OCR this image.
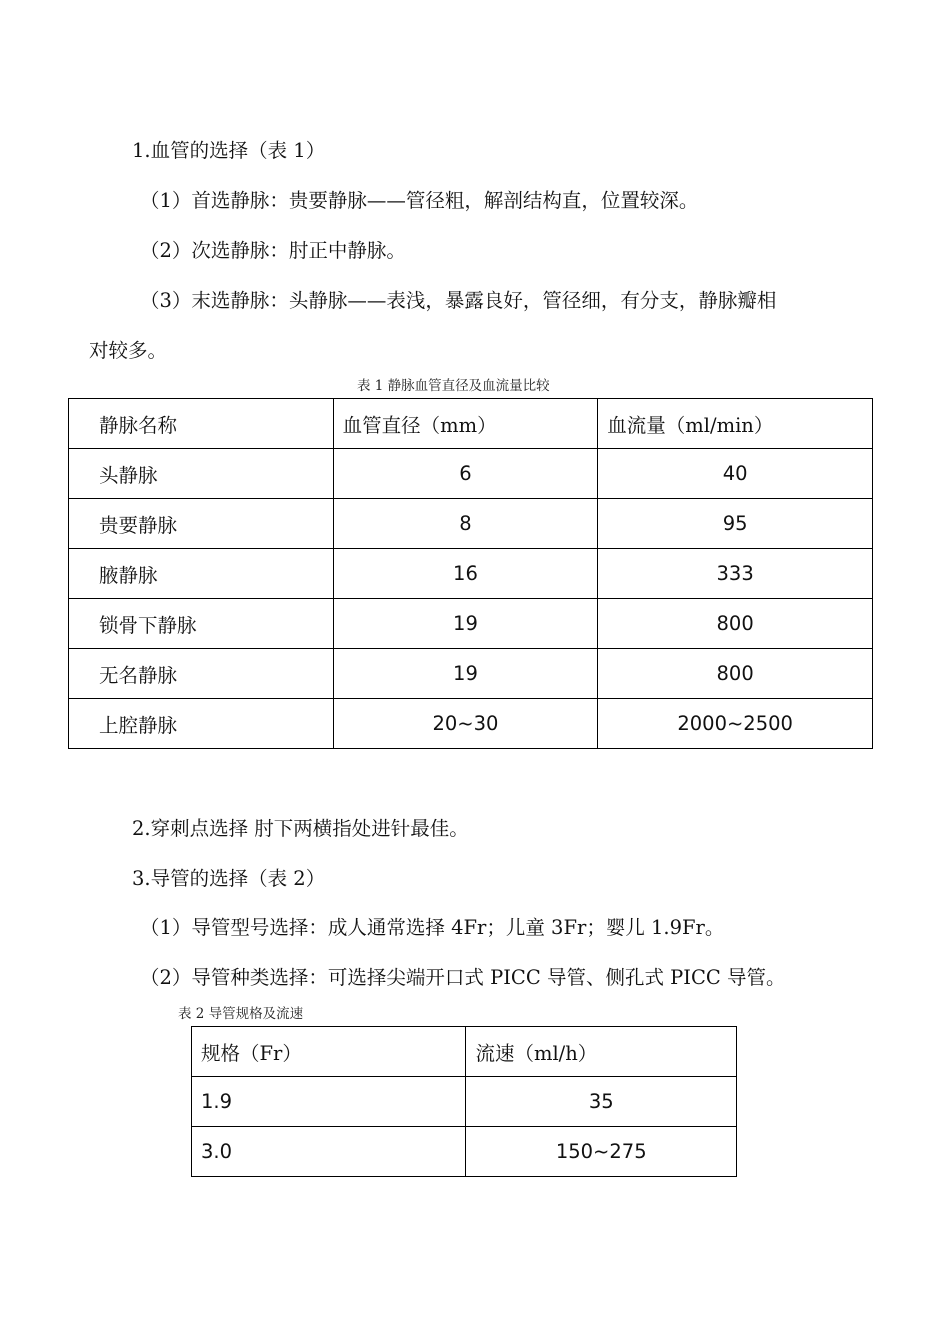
1.血管的选择（表 1）
（1）首选静脉：贵要静脉——管径粗，解剖结构直，位置较深。
（2）次选静脉：肘正中静脉。
（3）末选静脉：头静脉——表浅，暴露良好，管径细，有分支，静脉瓣相
对较多。
表 1 静脉血管直径及血流量比较
静脉名称	血管直径（mm）	血流量（ml/min）
头静脉	6	40
贵要静脉	8	95
腋静脉	16	333
锁骨下静脉	19	800
无名静脉	19	800
上腔静脉	20~30	2000~2500
2.穿刺点选择 肘下两横指处进针最佳。
3.导管的选择（表 2）
（1）导管型号选择：成人通常选择 4Fr；儿童 3Fr；婴儿 1.9Fr。
（2）导管种类选择：可选择尖端开口式 PICC 导管、侧孔式 PICC 导管。
表 2 导管规格及流速
规格（Fr）	流速（ml/h）
1.9	35
3.0	150~275
